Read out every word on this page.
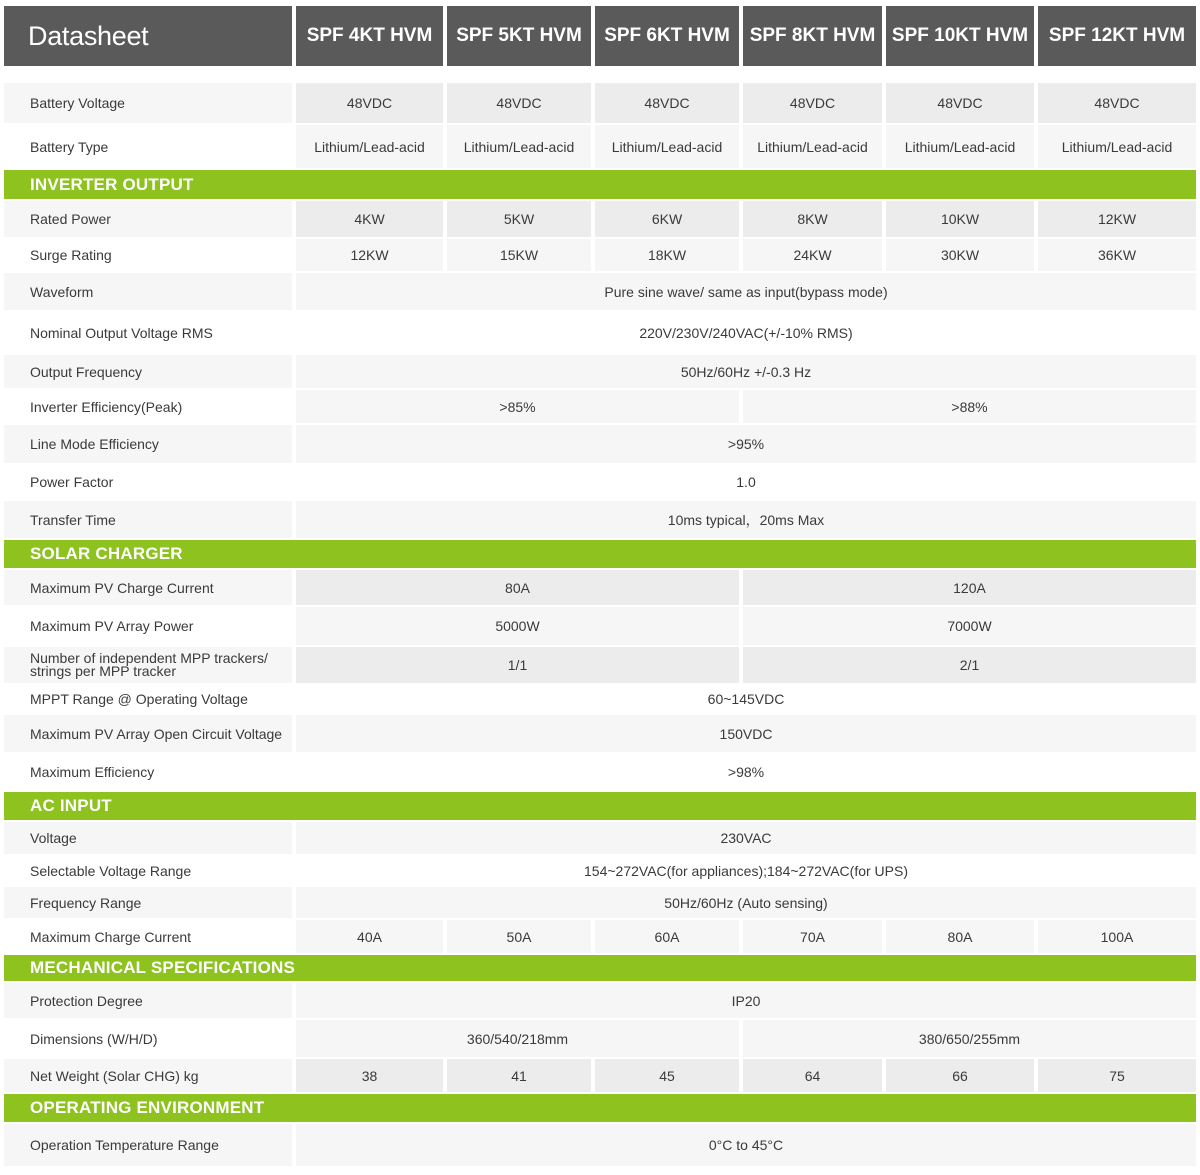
Datasheet	SPF 4KT HVM	SPF 5KT HVM	SPF 6KT HVM	SPF 8KT HVM SPF 10KT HVM	SPF 12KT HVM
Battery Voltage	48VDC	48VDC	48VDC	48VDC	48VDC	48VDC
Battery Type	Lithium/Lead-acid	Lithium/Lead-acid	Lithium/Lead-acid	Lithium/Lead-acid	Lithium/Lead-acid	Lithium/Lead-acid
INVERTER OUTPUT
Rated Power	4KW	5KW	6KW	8KW	10KW	12KW
Surge Rating	12KW	15KW	18KW	24KW	30KW	36KW
Waveform	Pure sine wave/ same as input(bypass mode)
Nominal Output Voltage RMS	220V/230V/240VAC(+/-10% RMS)
Output Frequency	50Hz/60Hz +/-0.3 Hz
Inverter Efficiency(Peak)	>85%	>88%
Line Mode Efficiency	>95%
Power Factor	1.0
Transfer Time	10ms typical，20ms Max
SOLAR CHARGER
Maximum PV Charge Current	80A	120A
Maximum PV Array Power	5000W	7000W
Number of independent MPP trackers/ strings per MPP tracker	1/1	2/1
MPPT Range @ Operating Voltage	60~145VDC
Maximum PV Array Open Circuit Voltage	150VDC
Maximum Efficiency	>98%
AC INPUT
Voltage	230VAC
Selectable Voltage Range	154~272VAC(for appliances);184~272VAC(for UPS)
Frequency Range	50Hz/60Hz (Auto sensing)
Maximum Charge Current	40A	50A	60A	70A	80A	100A
MECHANICAL SPECIFICATIONS
Protection Degree	IP20
Dimensions (W/H/D)	360/540/218mm	380/650/255mm
Net Weight (Solar CHG) kg	38	41	45	64	66	75
OPERATING ENVIRONMENT
Operation Temperature Range	0°C to 45°C
